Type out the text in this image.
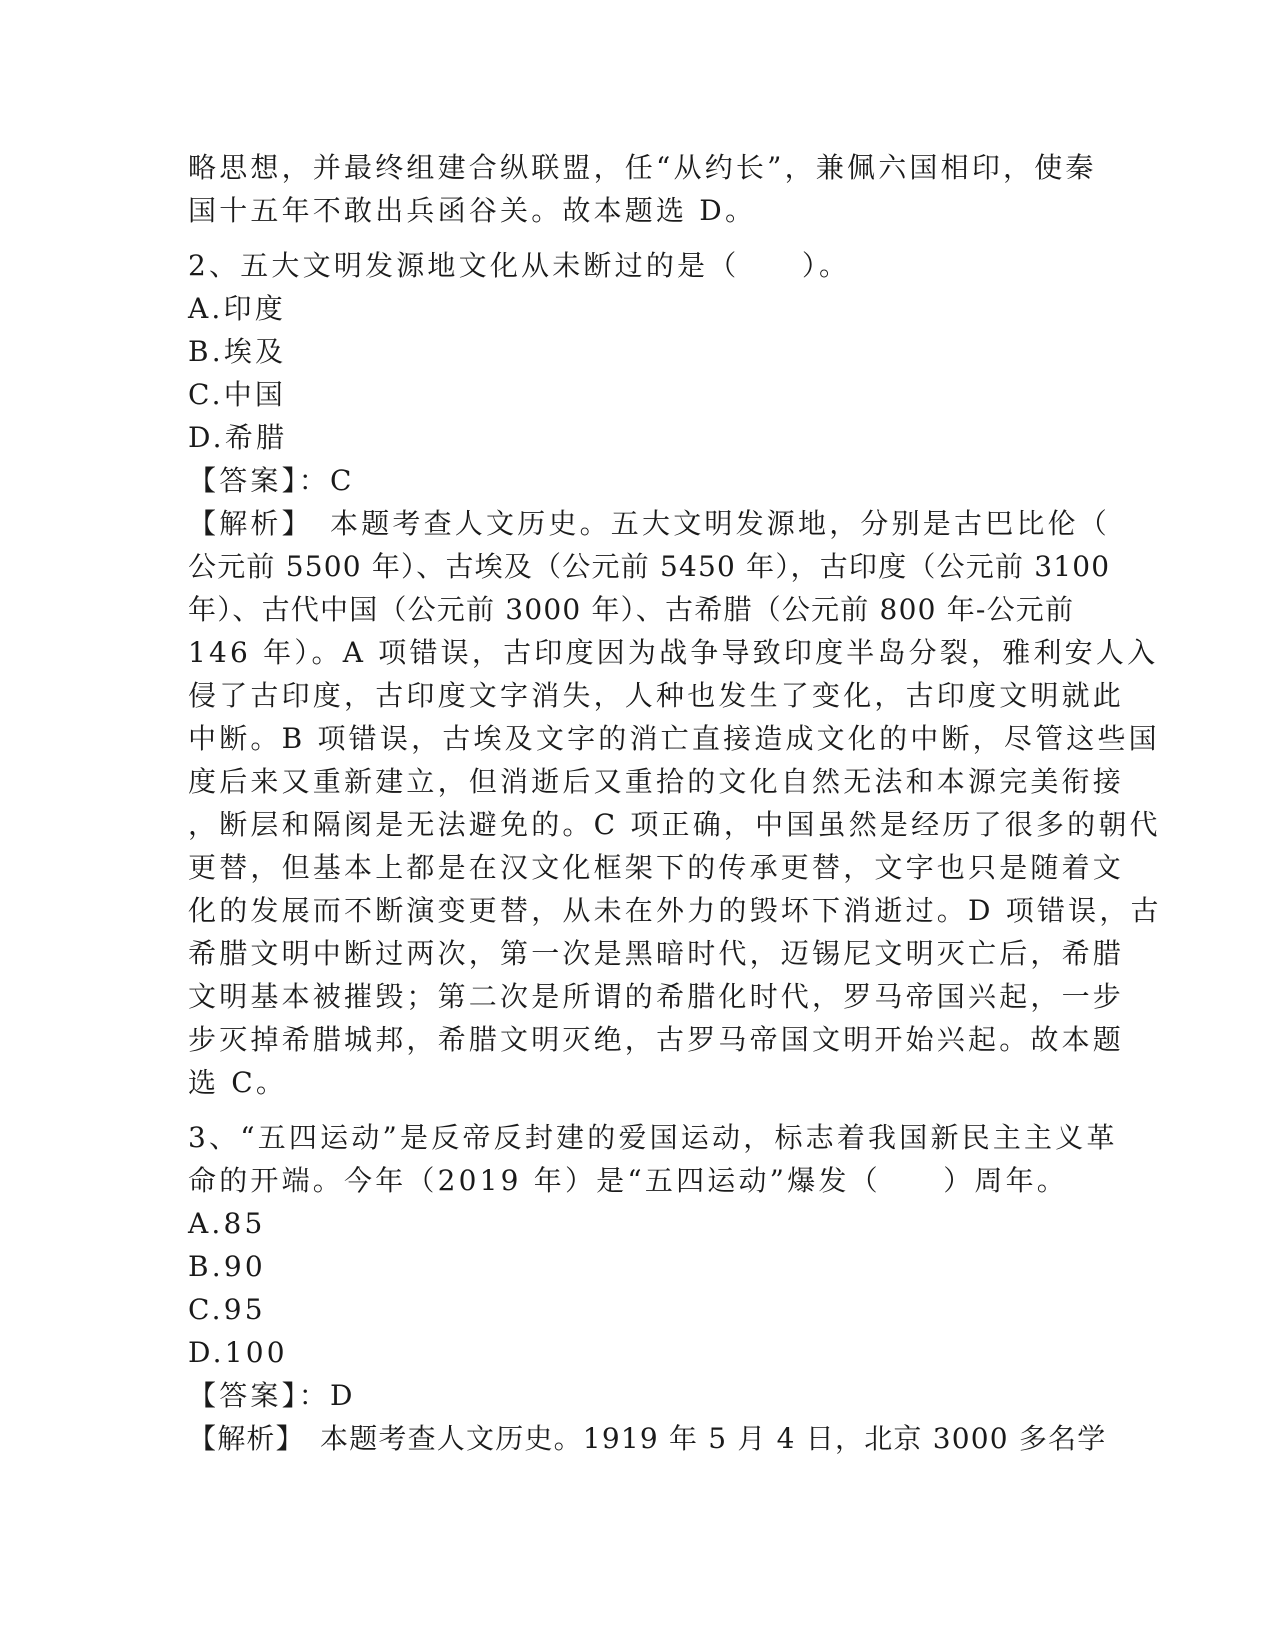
略思想，并最终组建合纵联盟，任“从约长”，兼佩六国相印，使秦
国十五年不敢出兵函谷关。故本题选 D。
2、五大文明发源地文化从未断过的是（　　）。
A.印度
B.埃及
C.中国
D.希腊
【答案】：C
【解析】　本题考查人文历史。五大文明发源地，分别是古巴比伦（
公元前 5500 年）、古埃及（公元前 5450 年），古印度（公元前 3100
年）、古代中国（公元前 3000 年）、古希腊（公元前 800 年-公元前
146 年）。A 项错误，古印度因为战争导致印度半岛分裂，雅利安人入
侵了古印度，古印度文字消失，人种也发生了变化，古印度文明就此
中断。B 项错误，古埃及文字的消亡直接造成文化的中断，尽管这些国
度后来又重新建立，但消逝后又重拾的文化自然无法和本源完美衔接
，断层和隔阂是无法避免的。C 项正确，中国虽然是经历了很多的朝代
更替，但基本上都是在汉文化框架下的传承更替，文字也只是随着文
化的发展而不断演变更替，从未在外力的毁坏下消逝过。D 项错误，古
希腊文明中断过两次，第一次是黑暗时代，迈锡尼文明灭亡后，希腊
文明基本被摧毁；第二次是所谓的希腊化时代，罗马帝国兴起，一步
步灭掉希腊城邦，希腊文明灭绝，古罗马帝国文明开始兴起。故本题
选 C。
3、“五四运动”是反帝反封建的爱国运动，标志着我国新民主主义革
命的开端。今年（2019 年）是“五四运动”爆发（　　）周年。
A.85
B.90
C.95
D.100
【答案】：D
【解析】　本题考查人文历史。1919 年 5 月 4 日，北京 3000 多名学
